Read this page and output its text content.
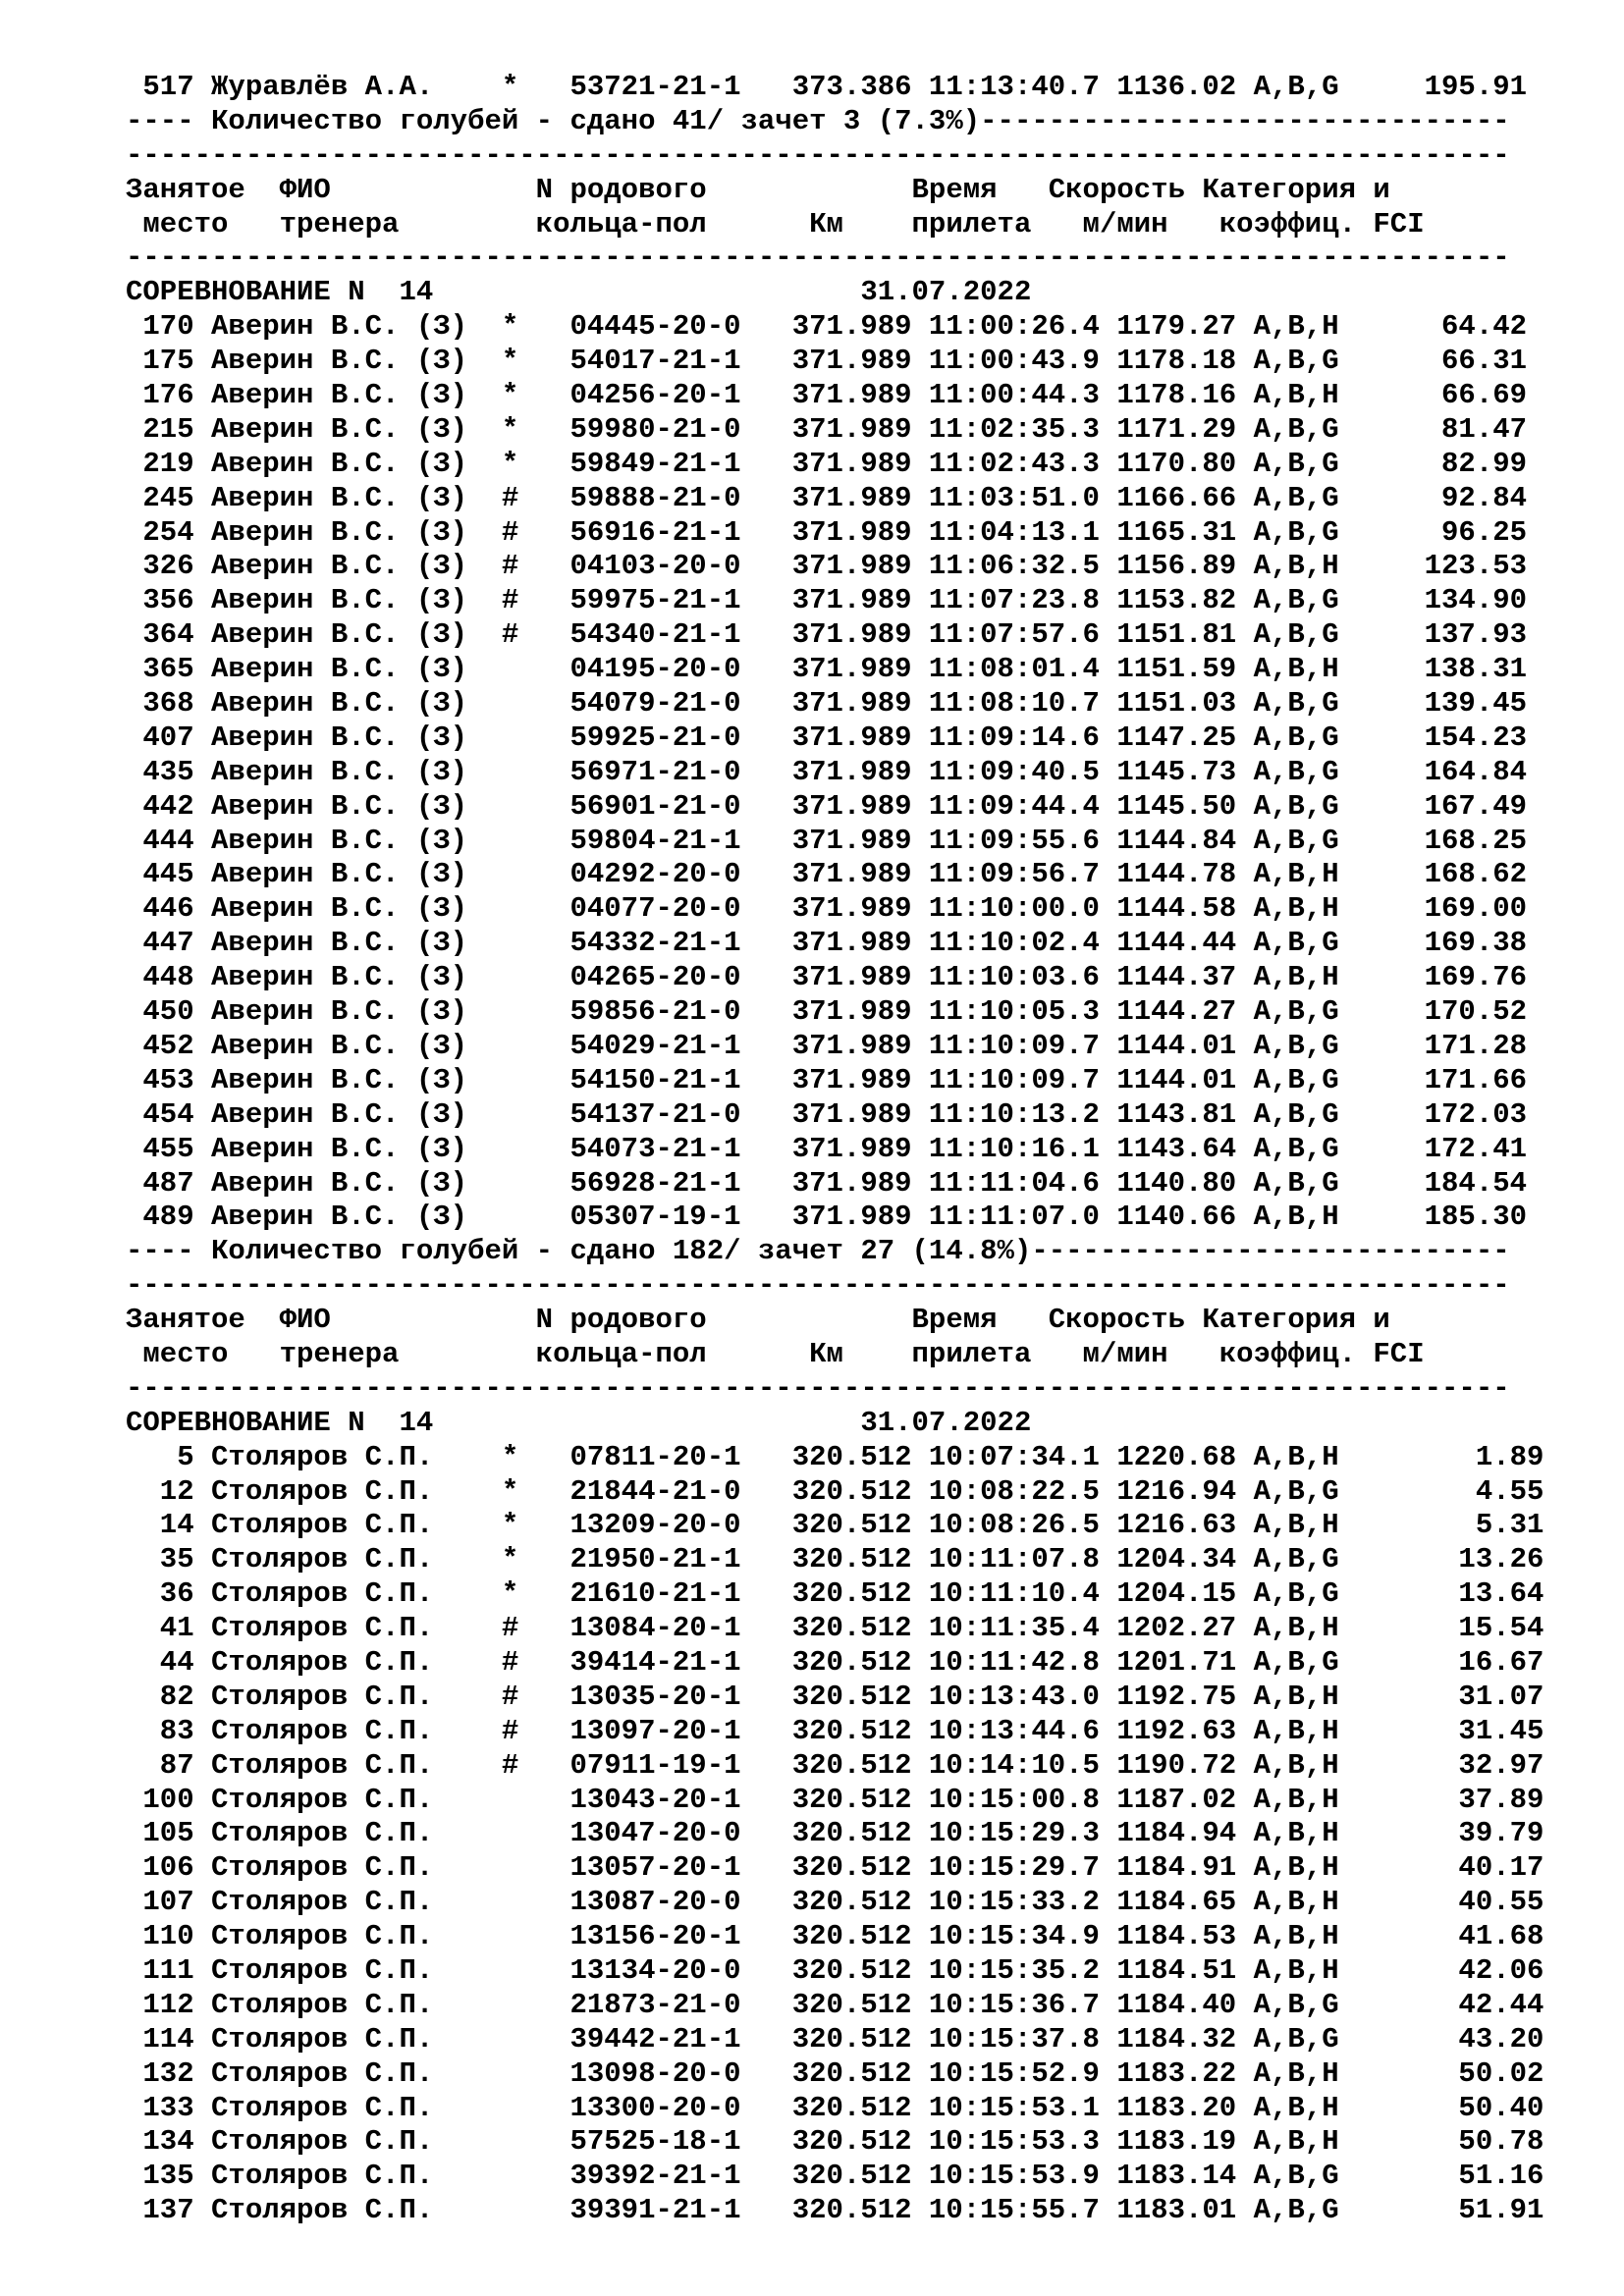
517 Журавлёв А.А.    *   53721-21-1   373.386 11:13:40.7 1136.02 A,B,G     195.91
---- Количество голубей - сдано 41/ зачет 3 (7.3%)-------------------------------
---------------------------------------------------------------------------------
Занятое  ФИО            N родового            Время   Скорость Категория и
место   тренера        кольца-пол      Км    прилета   м/мин   коэффиц. FCI
---------------------------------------------------------------------------------
СОРЕВНОВАНИЕ N  14                         31.07.2022
170 Аверин В.С. (З)  *   04445-20-0   371.989 11:00:26.4 1179.27 A,B,H      64.42
175 Аверин В.С. (З)  *   54017-21-1   371.989 11:00:43.9 1178.18 A,B,G      66.31
176 Аверин В.С. (З)  *   04256-20-1   371.989 11:00:44.3 1178.16 A,B,H      66.69
215 Аверин В.С. (З)  *   59980-21-0   371.989 11:02:35.3 1171.29 A,B,G      81.47
219 Аверин В.С. (З)  *   59849-21-1   371.989 11:02:43.3 1170.80 A,B,G      82.99
245 Аверин В.С. (З)  #   59888-21-0   371.989 11:03:51.0 1166.66 A,B,G      92.84
254 Аверин В.С. (З)  #   56916-21-1   371.989 11:04:13.1 1165.31 A,B,G      96.25
326 Аверин В.С. (З)  #   04103-20-0   371.989 11:06:32.5 1156.89 A,B,H     123.53
356 Аверин В.С. (З)  #   59975-21-1   371.989 11:07:23.8 1153.82 A,B,G     134.90
364 Аверин В.С. (З)  #   54340-21-1   371.989 11:07:57.6 1151.81 A,B,G     137.93
365 Аверин В.С. (З)      04195-20-0   371.989 11:08:01.4 1151.59 A,B,H     138.31
368 Аверин В.С. (З)      54079-21-0   371.989 11:08:10.7 1151.03 A,B,G     139.45
407 Аверин В.С. (З)      59925-21-0   371.989 11:09:14.6 1147.25 A,B,G     154.23
435 Аверин В.С. (З)      56971-21-0   371.989 11:09:40.5 1145.73 A,B,G     164.84
442 Аверин В.С. (З)      56901-21-0   371.989 11:09:44.4 1145.50 A,B,G     167.49
444 Аверин В.С. (З)      59804-21-1   371.989 11:09:55.6 1144.84 A,B,G     168.25
445 Аверин В.С. (З)      04292-20-0   371.989 11:09:56.7 1144.78 A,B,H     168.62
446 Аверин В.С. (З)      04077-20-0   371.989 11:10:00.0 1144.58 A,B,H     169.00
447 Аверин В.С. (З)      54332-21-1   371.989 11:10:02.4 1144.44 A,B,G     169.38
448 Аверин В.С. (З)      04265-20-0   371.989 11:10:03.6 1144.37 A,B,H     169.76
450 Аверин В.С. (З)      59856-21-0   371.989 11:10:05.3 1144.27 A,B,G     170.52
452 Аверин В.С. (З)      54029-21-1   371.989 11:10:09.7 1144.01 A,B,G     171.28
453 Аверин В.С. (З)      54150-21-1   371.989 11:10:09.7 1144.01 A,B,G     171.66
454 Аверин В.С. (З)      54137-21-0   371.989 11:10:13.2 1143.81 A,B,G     172.03
455 Аверин В.С. (З)      54073-21-1   371.989 11:10:16.1 1143.64 A,B,G     172.41
487 Аверин В.С. (З)      56928-21-1   371.989 11:11:04.6 1140.80 A,B,G     184.54
489 Аверин В.С. (З)      05307-19-1   371.989 11:11:07.0 1140.66 A,B,H     185.30
---- Количество голубей - сдано 182/ зачет 27 (14.8%)----------------------------
---------------------------------------------------------------------------------
Занятое  ФИО            N родового            Время   Скорость Категория и
место   тренера        кольца-пол      Км    прилета   м/мин   коэффиц. FCI
---------------------------------------------------------------------------------
СОРЕВНОВАНИЕ N  14                         31.07.2022
5 Столяров С.П.    *   07811-20-1   320.512 10:07:34.1 1220.68 A,B,H        1.89
12 Столяров С.П.    *   21844-21-0   320.512 10:08:22.5 1216.94 A,B,G        4.55
14 Столяров С.П.    *   13209-20-0   320.512 10:08:26.5 1216.63 A,B,H        5.31
35 Столяров С.П.    *   21950-21-1   320.512 10:11:07.8 1204.34 A,B,G       13.26
36 Столяров С.П.    *   21610-21-1   320.512 10:11:10.4 1204.15 A,B,G       13.64
41 Столяров С.П.    #   13084-20-1   320.512 10:11:35.4 1202.27 A,B,H       15.54
44 Столяров С.П.    #   39414-21-1   320.512 10:11:42.8 1201.71 A,B,G       16.67
82 Столяров С.П.    #   13035-20-1   320.512 10:13:43.0 1192.75 A,B,H       31.07
83 Столяров С.П.    #   13097-20-1   320.512 10:13:44.6 1192.63 A,B,H       31.45
87 Столяров С.П.    #   07911-19-1   320.512 10:14:10.5 1190.72 A,B,H       32.97
100 Столяров С.П.        13043-20-1   320.512 10:15:00.8 1187.02 A,B,H       37.89
105 Столяров С.П.        13047-20-0   320.512 10:15:29.3 1184.94 A,B,H       39.79
106 Столяров С.П.        13057-20-1   320.512 10:15:29.7 1184.91 A,B,H       40.17
107 Столяров С.П.        13087-20-0   320.512 10:15:33.2 1184.65 A,B,H       40.55
110 Столяров С.П.        13156-20-1   320.512 10:15:34.9 1184.53 A,B,H       41.68
111 Столяров С.П.        13134-20-0   320.512 10:15:35.2 1184.51 A,B,H       42.06
112 Столяров С.П.        21873-21-0   320.512 10:15:36.7 1184.40 A,B,G       42.44
114 Столяров С.П.        39442-21-1   320.512 10:15:37.8 1184.32 A,B,G       43.20
132 Столяров С.П.        13098-20-0   320.512 10:15:52.9 1183.22 A,B,H       50.02
133 Столяров С.П.        13300-20-0   320.512 10:15:53.1 1183.20 A,B,H       50.40
134 Столяров С.П.        57525-18-1   320.512 10:15:53.3 1183.19 A,B,H       50.78
135 Столяров С.П.        39392-21-1   320.512 10:15:53.9 1183.14 A,B,G       51.16
137 Столяров С.П.        39391-21-1   320.512 10:15:55.7 1183.01 A,B,G       51.91
